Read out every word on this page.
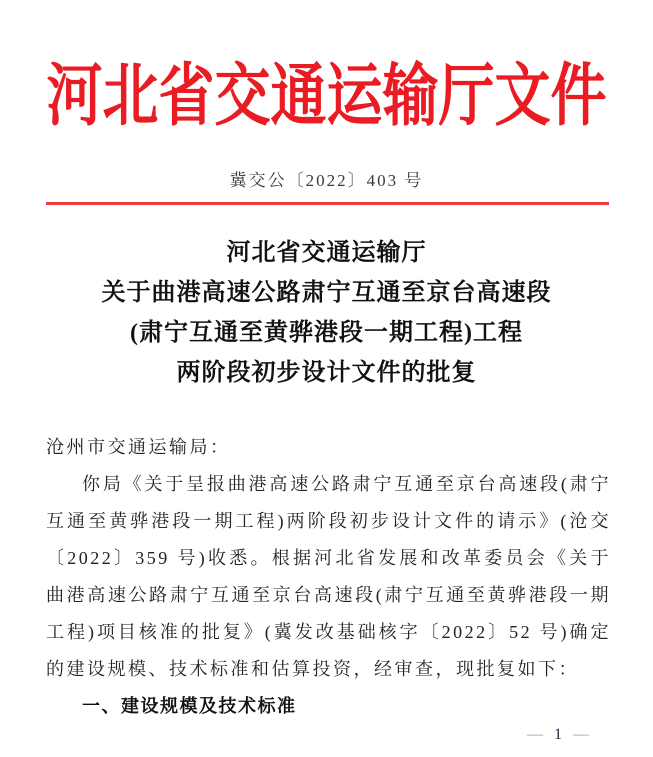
河北省交通运输厅文件
冀交公〔2022〕403 号
河北省交通运输厅
关于曲港高速公路肃宁互通至京台高速段
(肃宁互通至黄骅港段一期工程)工程
两阶段初步设计文件的批复
沧州市交通运输局：
你局《关于呈报曲港高速公路肃宁互通至京台高速段(肃宁互通至黄骅港段一期工程)两阶段初步设计文件的请示》(沧交〔2022〕359 号)收悉。根据河北省发展和改革委员会《关于曲港高速公路肃宁互通至京台高速段(肃宁互通至黄骅港段一期工程)项目核准的批复》(冀发改基础核字〔2022〕52 号)确定的建设规模、技术标准和估算投资，经审查，现批复如下：
一、建设规模及技术标准
— 1 —
